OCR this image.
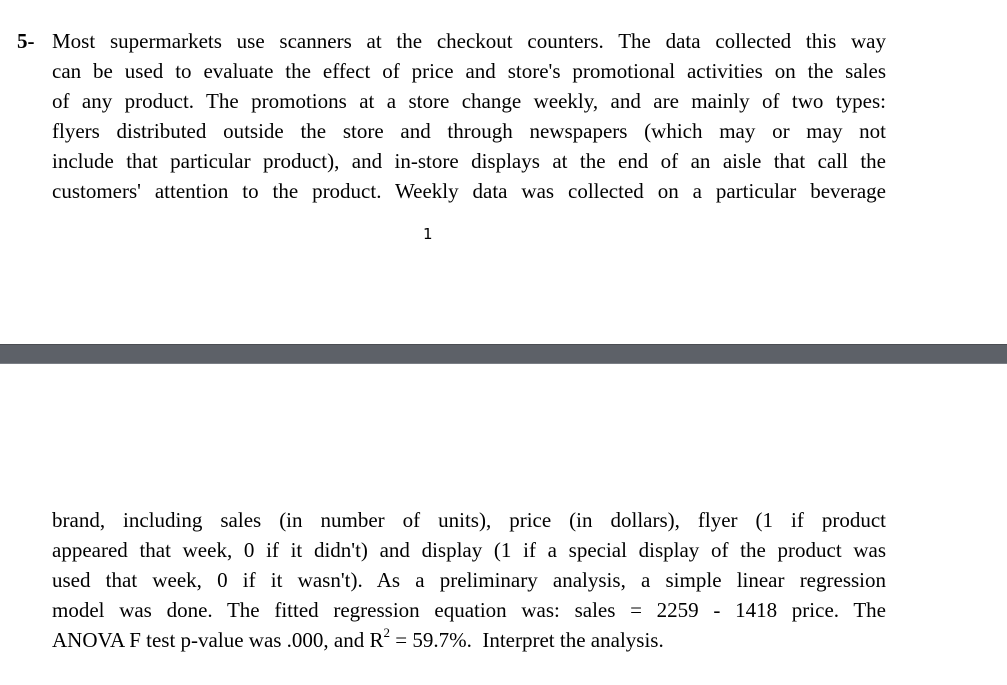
5- Most supermarkets use scanners at the checkout counters. The data collected this way
can be used to evaluate the effect of price and store's promotional activities on the sales
of any product. The promotions at a store change weekly, and are mainly of two types:
flyers distributed outside the store and through newspapers (which may or may not
include that particular product), and in-store displays at the end of an aisle that call the
customers' attention to the product. Weekly data was collected on a particular beverage
1
brand, including sales (in number of units), price (in dollars), flyer (1 if product
appeared that week, 0 if it didn't) and display (1 if a special display of the product was
used that week, 0 if it wasn't). As a preliminary analysis, a simple linear regression
model was done. The fitted regression equation was: sales = 2259 - 1418 price. The
ANOVA F test p-value was .000, and $R^2 = 59.7\%$.  Interpret the analysis.
